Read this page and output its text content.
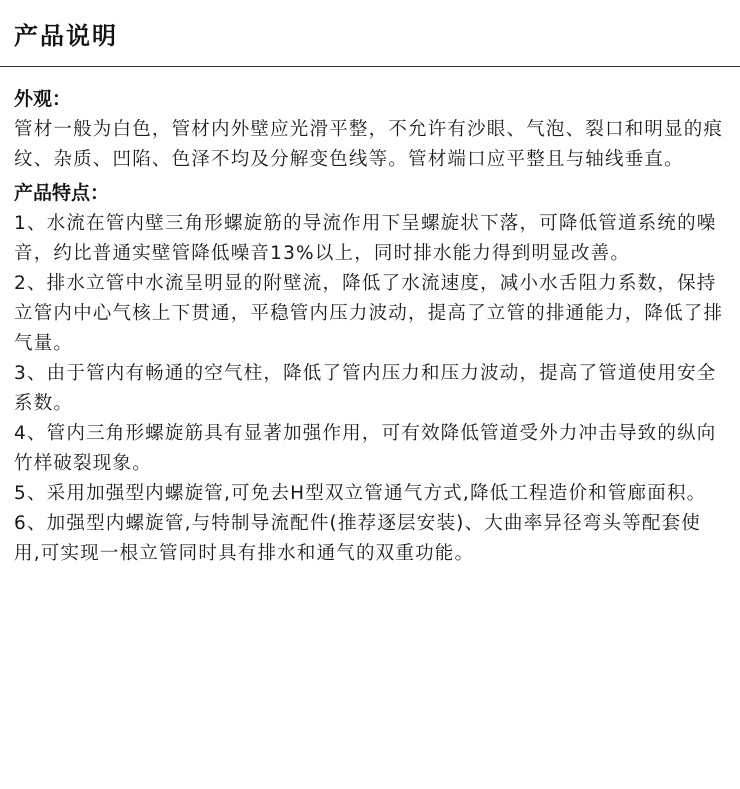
产品说明
外观：

管材一般为白色，管材内外壁应光滑平整，不允许有沙眼、气泡、裂口和明显的痕纹、杂质、凹陷、色泽不均及分解变色线等。管材端口应平整且与轴线垂直。

产品特点：

1、水流在管内壁三角形螺旋筋的导流作用下呈螺旋状下落，可降低管道系统的噪音，约比普通实壁管降低噪音13%以上，同时排水能力得到明显改善。

2、排水立管中水流呈明显的附壁流，降低了水流速度，减小水舌阻力系数，保持立管内中心气核上下贯通，平稳管内压力波动，提高了立管的排通能力，降低了排气量。

3、由于管内有畅通的空气柱，降低了管内压力和压力波动，提高了管道使用安全系数。

4、管内三角形螺旋筋具有显著加强作用，可有效降低管道受外力冲击导致的纵向竹样破裂现象。

5、采用加强型内螺旋管,可免去H型双立管通气方式,降低工程造价和管廊面积。

6、加强型内螺旋管,与特制导流配件(推荐逐层安装)、大曲率异径弯头等配套使用,可实现一根立管同时具有排水和通气的双重功能。
